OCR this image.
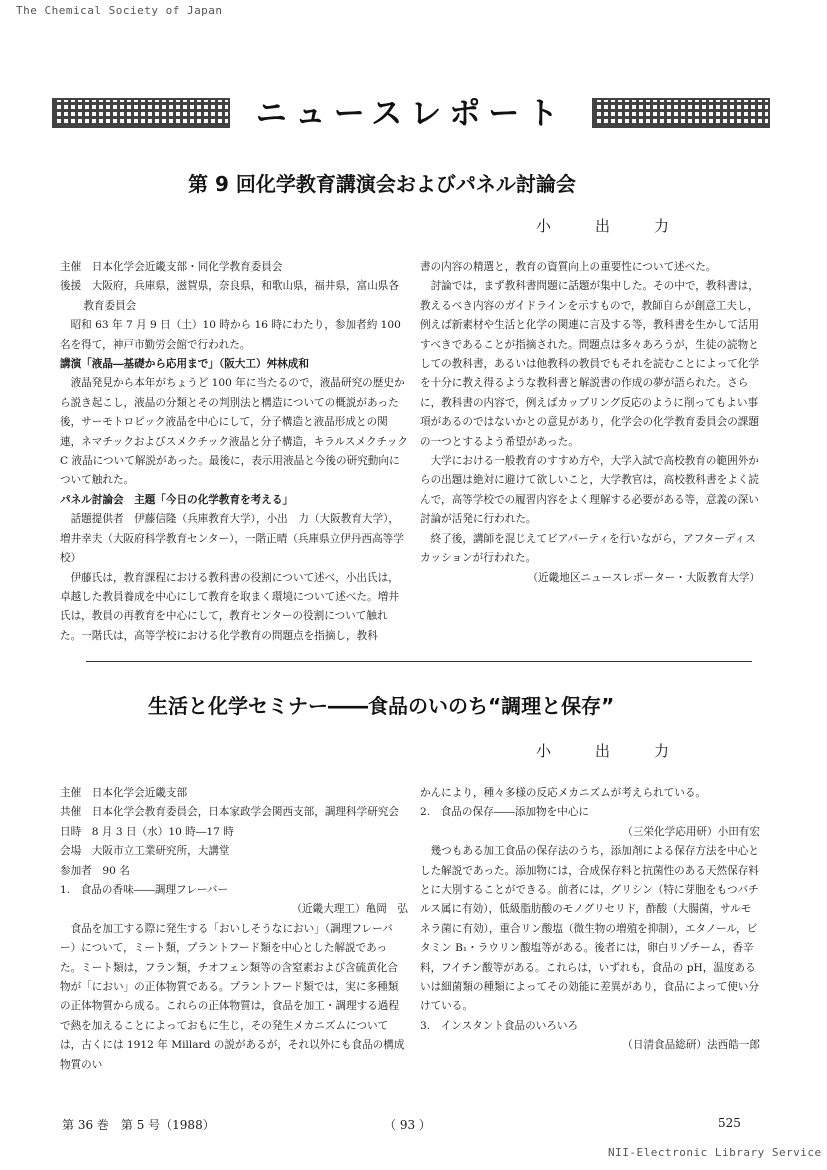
The Chemical Society of Japan
ニュースレポート
第 9 回化学教育講演会およびパネル討論会
小出力

主催　日本化学会近畿支部・同化学教育委員会

後援　大阪府，兵庫県，滋賀県，奈良県，和歌山県，福井県，富山県各教育委員会

昭和 63 年 7 月 9 日（土）10 時から 16 時にわたり，参加者約 100 名を得て，神戸市勤労会館で行われた。

講演「液晶―基礎から応用まで」（阪大工）舛林成和

液晶発見から本年がちょうど 100 年に当たるので，液晶研究の歴史から説き起こし，液晶の分類とその判別法と構造についての概説があった後，サーモトロピック液晶を中心にして，分子構造と液晶形成との関連，ネマチックおよびスメクチック液晶と分子構造，キラルスメクチック C 液晶について解説があった。最後に，表示用液晶と今後の研究動向について触れた。

パネル討論会　主題「今日の化学教育を考える」

話題提供者　伊藤信隆（兵庫教育大学），小出　力（大阪教育大学），増井幸夫（大阪府科学教育センター），一階正晴（兵庫県立伊丹西高等学校）

伊藤氏は，教育課程における教科書の役割について述べ，小出氏は，卓越した教員養成を中心にして教育を取まく環境について述べた。増井氏は，教員の再教育を中心にして，教育センターの役割について触れた。一階氏は，高等学校における化学教育の問題点を指摘し，教科

書の内容の精選と，教育の資質向上の重要性について述べた。

討論では，まず教科書問題に話題が集中した。その中で，教科書は，教えるべき内容のガイドラインを示すもので，教師自らが創意工夫し，例えば新素材や生活と化学の関連に言及する等，教科書を生かして活用すべきであることが指摘された。問題点は多々あろうが，生徒の読物としての教科書，あるいは他教科の教員でもそれを読むことによって化学を十分に教え得るような教科書と解説書の作成の夢が語られた。さらに，教科書の内容で，例えばカップリング反応のように削ってもよい事項があるのではないかとの意見があり，化学会の化学教育委員会の課題の一つとするよう希望があった。

大学における一般教育のすすめ方や，大学入試で高校教育の範囲外からの出題は絶対に避けて欲しいこと，大学教官は，高校教科書をよく読んで，高等学校での履習内容をよく理解する必要がある等，意義の深い討論が活発に行われた。

終了後，講師を混じえてビアパーティを行いながら，アフターディスカッションが行われた。

（近畿地区ニュースレポーター・大阪教育大学）

生活と化学セミナー――食品のいのち“調理と保存”
小出力

主催　日本化学会近畿支部

共催　日本化学会教育委員会，日本家政学会関西支部，調理科学研究会

日時　8 月 3 日（水）10 時―17 時

会場　大阪市立工業研究所，大講堂

参加者　90 名

1.　食品の香味――調理フレーバー

（近畿大理工）亀岡　弘

食品を加工する際に発生する「おいしそうなにおい」（調理フレーバー）について，ミート類，プラントフード類を中心とした解説であった。ミート類は，フラン類，チオフェン類等の含窒素および含硫黄化合物が「におい」の正体物質である。プラントフード類では，実に多種類の正体物質から成る。これらの正体物質は，食品を加工・調理する過程で熱を加えることによっておもに生じ，その発生メカニズムについては，古くには 1912 年 Millard の説があるが，それ以外にも食品の構成物質のい

かんにより，種々多様の反応メカニズムが考えられている。

2.　食品の保存――添加物を中心に

（三栄化学応用研）小田有宏

幾つもある加工食品の保存法のうち，添加剤による保存方法を中心とした解説であった。添加物には，合成保存料と抗菌性のある天然保存料とに大別することができる。前者には，グリシン（特に芽胞をもつバチルス属に有効），低級脂肪酸のモノグリセリド，酢酸（大腸菌，サルモネラ菌に有効），重合リン酸塩（微生物の増殖を抑制），エタノール，ビタミン B₁・ラウリン酸塩等がある。後者には，卵白リゾチーム，香辛料，フイチン酸等がある。これらは，いずれも，食品の pH，温度あるいは細菌類の種類によってその効能に差異があり，食品によって使い分けている。

3.　インスタント食品のいろいろ

（日清食品総研）法西皓一郎

第 36 巻　第 5 号（1988）	（ 93 ）	525
NII-Electronic Library Service
